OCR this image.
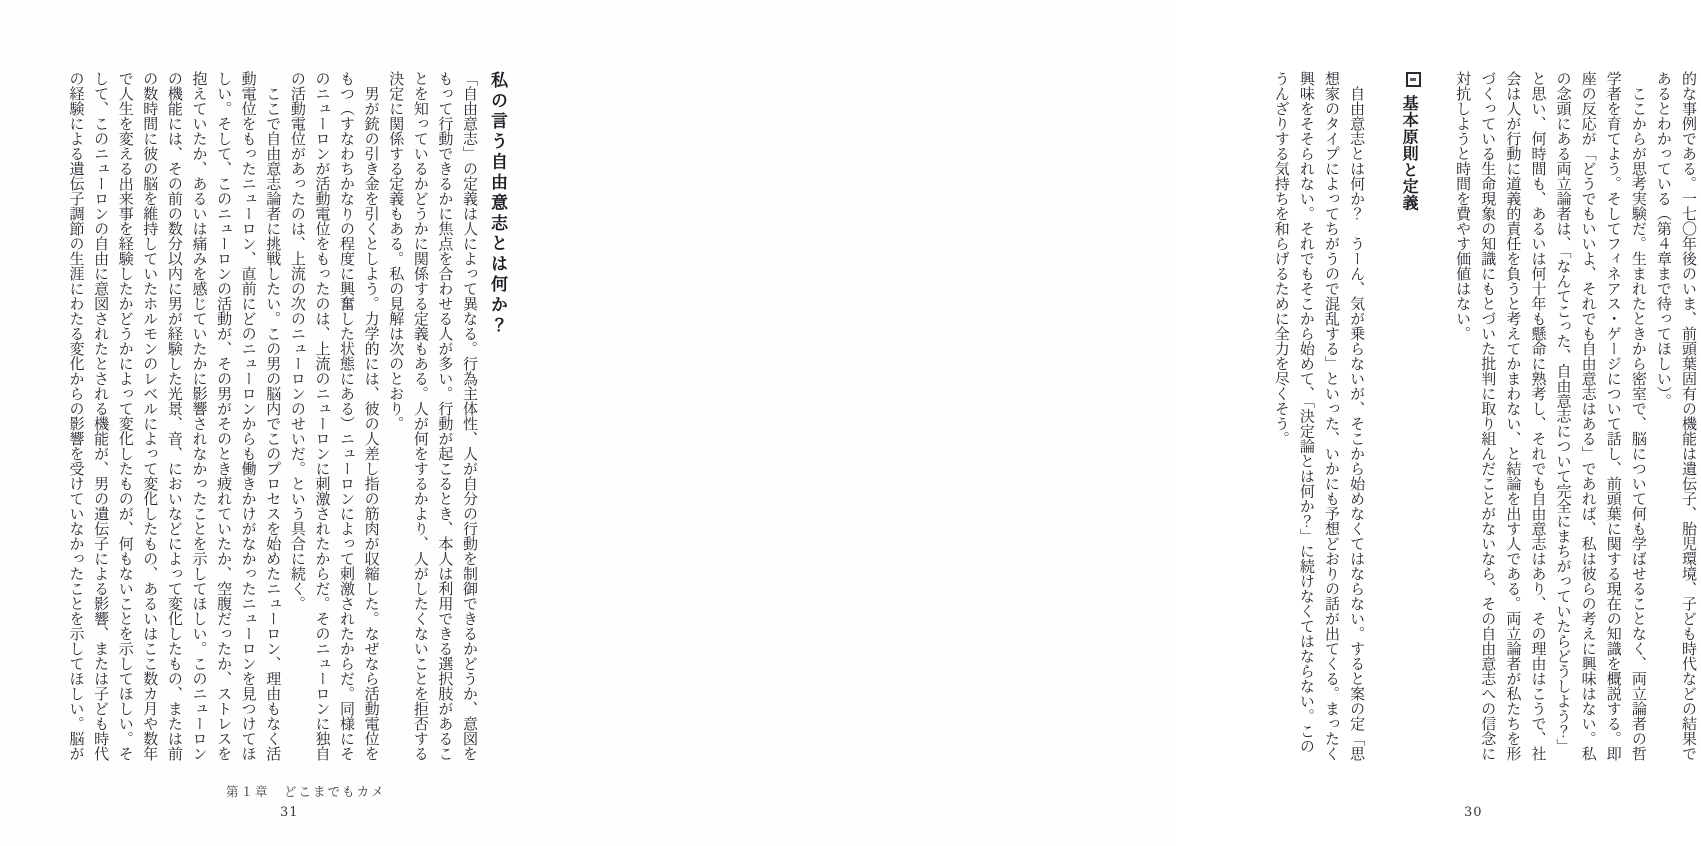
的な事例である。一七〇年後のいま、前頭葉固有の機能は遺伝子、胎児環境、子ども時代などの結果であるとわかっている（第４章まで待ってほしい）。

ここからが思考実験だ。生まれたときから密室で、脳について何も学ばせることなく、両立論者の哲学者を育てよう。そしてフィネアス・ゲージについて話し、前頭葉に関する現在の知識を概説する。即座の反応が「どうでもいいよ、それでも自由意志はある」であれば、私は彼らの考えに興味はない。私の念頭にある両立論者は、「なんてこった、自由意志について完全にまちがっていたらどうしよう？」と思い、何時間も、あるいは何十年も懸命に熟考し、それでも自由意志はあり、その理由はこうで、社会は人が行動に道義的責任を負うと考えてかまわない、と結論を出す人である。両立論者が私たちを形づくっている生命現象の知識にもとづいた批判に取り組んだことがないなら、その自由意志への信念に対抗しようと時間を費やす価値はない。

基本原則と定義

自由意志とは何か？　うーん、気が乗らないが、そこから始めなくてはならない。すると案の定「思想家のタイプによってちがうので混乱する」といった、いかにも予想どおりの話が出てくる。まったく興味をそそられない。それでもそこから始めて、「決定論とは何か？」に続けなくてはならない。このうんざりする気持ちを和らげるために全力を尽くそう。

30
私の言う自由意志とは何か？

「自由意志」の定義は人によって異なる。行為主体性、人が自分の行動を制御できるかどうか、意図をもって行動できるかに焦点を合わせる人が多い。行動が起こるとき、本人は利用できる選択肢があることを知っているかどうかに関係する定義もある。人が何をするかより、人がしたくないことを拒否する決定に関係する定義もある。私の見解は次のとおり。

男が銃の引き金を引くとしよう。力学的には、彼の人差し指の筋肉が収縮した。なぜなら活動電位をもつ（すなわちかなりの程度に興奮した状態にある）ニューロンによって刺激されたからだ。同様にそのニューロンが活動電位をもったのは、上流のニューロンに刺激されたからだ。そのニューロンに独自の活動電位があったのは、上流の次のニューロンのせいだ。という具合に続く。

ここで自由意志論者に挑戦したい。この男の脳内でこのプロセスを始めたニューロン、理由もなく活動電位をもったニューロン、直前にどのニューロンからも働きかけがなかったニューロンを見つけてほしい。そして、このニューロンの活動が、その男がそのとき疲れていたか、空腹だったか、ストレスを抱えていたか、あるいは痛みを感じていたかに影響されなかったことを示してほしい。このニューロンの機能には、その前の数分以内に男が経験した光景、音、においなどによって変化したもの、または前の数時間に彼の脳を維持していたホルモンのレベルによって変化したもの、あるいはここ数カ月や数年で人生を変える出来事を経験したかどうかによって変化したものが、何もないことを示してほしい。そして、このニューロンの自由に意図されたとされる機能が、男の遺伝子による影響、または子ども時代の経験による遺伝子調節の生涯にわたる変化からの影響を受けていなかったことを示してほしい。脳が

第１章　どこまでもカメ
31
